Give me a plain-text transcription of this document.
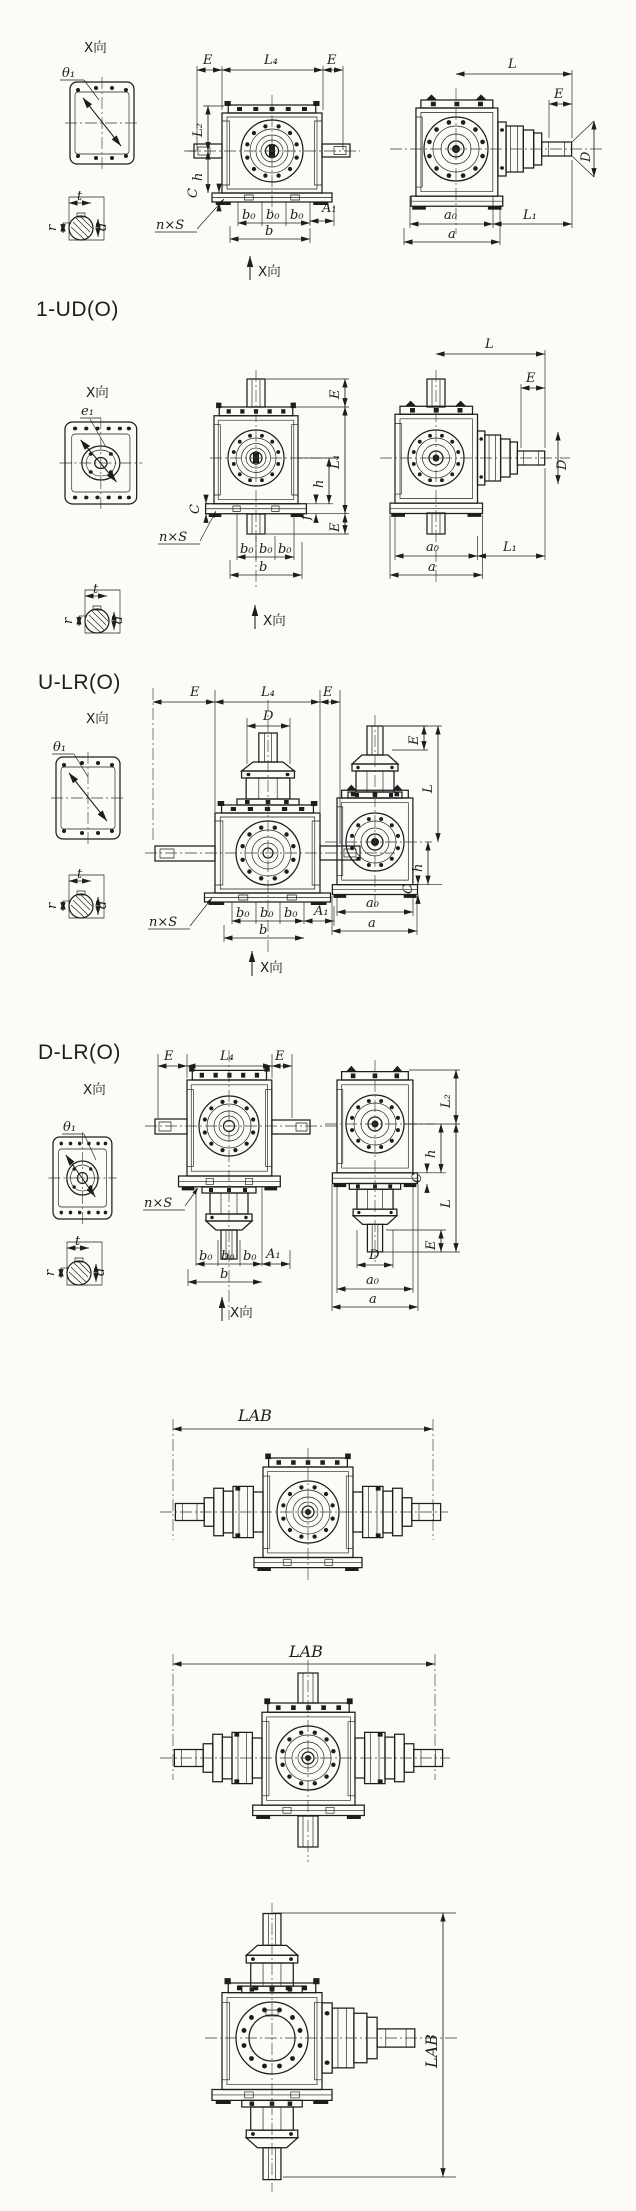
X向
θ₁
t
r	d
E	L₄	E
L₂
h
C
n×S
A₁
b₀ b₀ b₀
b
X向
L
E
D
a₀
a
L₁
1-UD(O)
X向
e₁
t
r	d
E
L₄
h
f
E
C
n×S
b₀ b₀ b₀
b
X向
L
E
D
a₀
a
L₁
U-LR(O)
X向
θ₁
t
r	d
E	L₄	E
D
n×S
b₀ b₀ b₀ A₁
b
X向
E
L
h
C
a₀
a
D-LR(O)
X向
θ₁
t
r	d
E	L₄	E
n×S
b₀ b₀ b₀ A₁
b
X向
L₂
h
C
L
E
D
a₀
a
LAB
LAB
LAB
